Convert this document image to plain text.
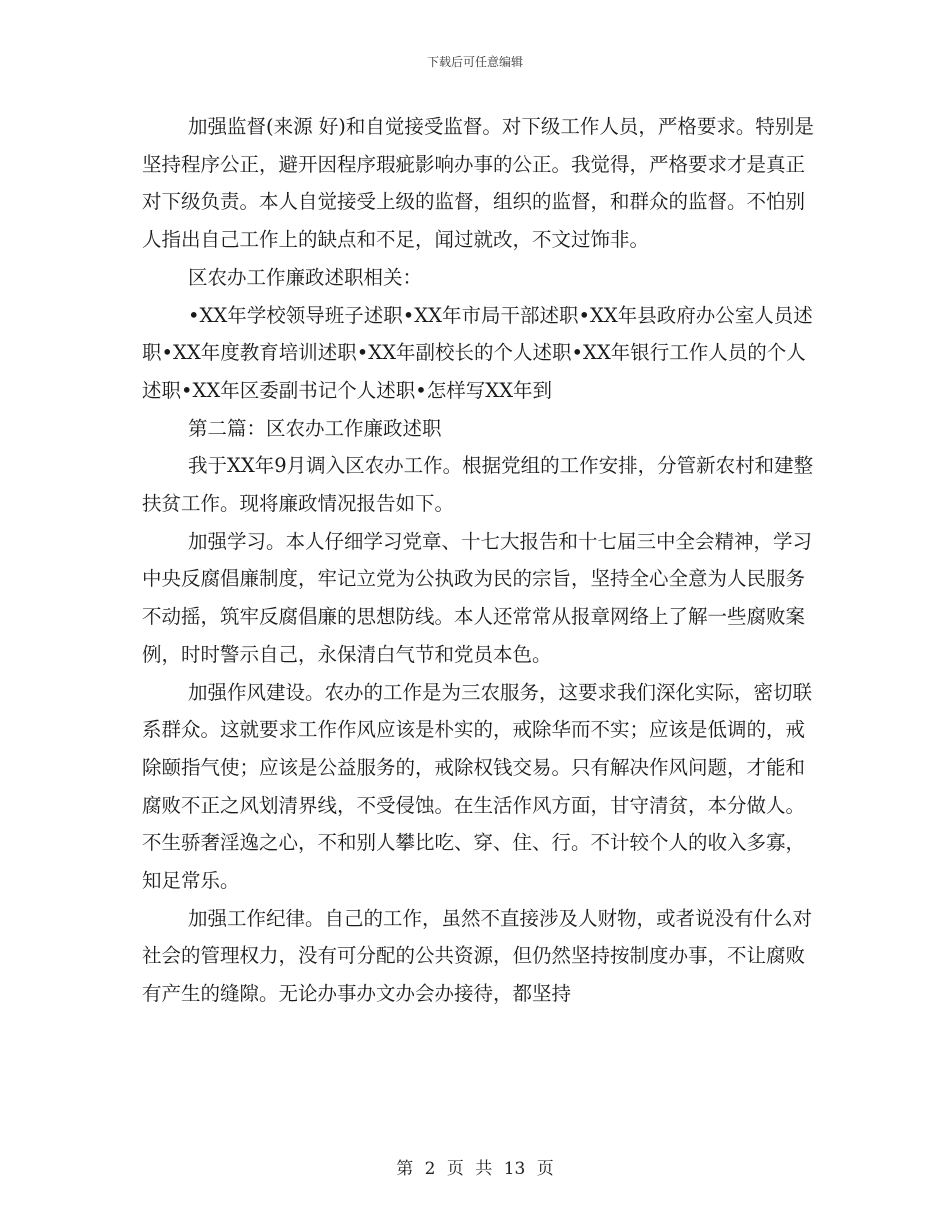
下载后可任意编辑

加强监督(来源 好)和自觉接受监督。对下级工作人员，严格要求。特别是坚持程序公正，避开因程序瑕疵影响办事的公正。我觉得，严格要求才是真正对下级负责。本人自觉接受上级的监督，组织的监督，和群众的监督。不怕别人指出自己工作上的缺点和不足，闻过就改，不文过饰非。

区农办工作廉政述职相关：

•XX年学校领导班子述职•XX年市局干部述职•XX年县政府办公室人员述职•XX年度教育培训述职•XX年副校长的个人述职•XX年银行工作人员的个人述职•XX年区委副书记个人述职•怎样写XX年到

第二篇：区农办工作廉政述职

我于XX年9月调入区农办工作。根据党组的工作安排，分管新农村和建整扶贫工作。现将廉政情况报告如下。

加强学习。本人仔细学习党章、十七大报告和十七届三中全会精神，学习中央反腐倡廉制度，牢记立党为公执政为民的宗旨，坚持全心全意为人民服务不动摇，筑牢反腐倡廉的思想防线。本人还常常从报章网络上了解一些腐败案例，时时警示自己，永保清白气节和党员本色。

加强作风建设。农办的工作是为三农服务，这要求我们深化实际，密切联系群众。这就要求工作作风应该是朴实的，戒除华而不实；应该是低调的，戒除颐指气使；应该是公益服务的，戒除权钱交易。只有解决作风问题，才能和腐败不正之风划清界线，不受侵蚀。在生活作风方面，甘守清贫，本分做人。不生骄奢淫逸之心，不和别人攀比吃、穿、住、行。不计较个人的收入多寡，知足常乐。

加强工作纪律。自己的工作，虽然不直接涉及人财物，或者说没有什么对社会的管理权力，没有可分配的公共资源，但仍然坚持按制度办事，不让腐败有产生的缝隙。无论办事办文办会办接待，都坚持

第 2 页 共 13 页
